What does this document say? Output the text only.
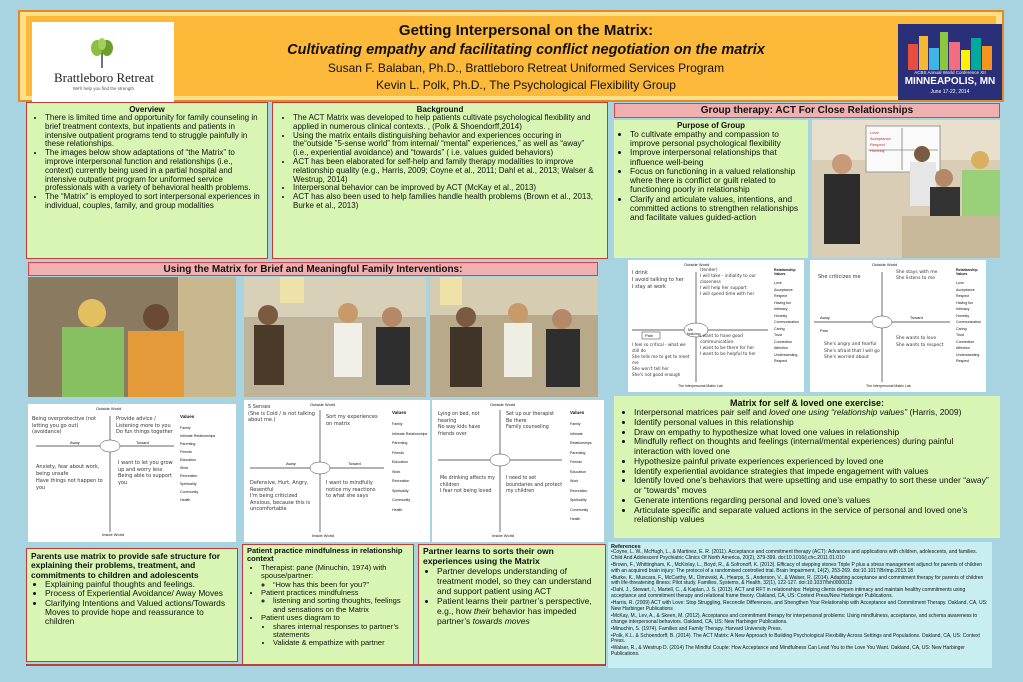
Brattleboro Retreat
We'll help you find the strength.
Getting Interpersonal on the Matrix:
Cultivating empathy and facilitating conflict negotiation on the matrix
Susan F. Balaban, Ph.D., Brattleboro Retreat Uniformed Services Program
Kevin L. Polk, Ph.D., The Psychological Flexibility Group
ACBS Annual World Conference XII
MINNEAPOLIS, MN
June 17-22, 2014
Overview
• There is limited time and opportunity for family counseling in brief treatment contexts, but inpatients and patients in intensive outpatient programs tend to struggle painfully in these relationships.
• The images below show adaptations of “the Matrix” to improve interpersonal function and relationships (i.e., context) currently being used in a partial hospital and intensive outpatient program for uniformed service professionals with a variety of behavioral health problems.
• The “Matrix” is employed to sort interpersonal experiences in individual, couples, family, and group modalities
Background
• The ACT Matrix was developed to help patients cultivate psychological flexibility and applied in numerous clinical contexts. , (Polk & Shoendorff,2014)
• Using the matrix entails distinguishing behavior and experiences occuring in the“outside ”5-sense world” from internal/ “mental” experiences,” as well as “away” (i.e., experiential avoidance) and “towards” ( i.e. values guided behaviors)
• ACT has been elaborated for self-help and family therapy modalities to improve relationship quality (e.g., Harris, 2009; Coyne et al., 2011; Dahl et al., 2013; Walser & Westrup, 2014)
• Interpersonal behavior can be improved by ACT (McKay et al., 2013)
• ACT has also been used to help families handle health problems (Brown et al., 2013, Burke et al., 2013)
Group therapy: ACT For Close Relationships
Purpose of Group
• To cultivate empathy and compassion to improve personal psychological flexibility
• Improve interpersonal relationships that influence well-being
• Focus on functioning in a valued relationship where there is conflict or guilt related to functioning poorly in relationship
• Clarify and articulate values, intentions, and committed actions to strengthen relationships and facilitate values guided-action
Love
Acceptance
Respect
Honesty
Using the Matrix for Brief and Meaningful Family Interventions:	Outside World
Me
Noticing
Pain
Relationship Values
Love
Acceptance
Respect
Having fun
Intimacy
Honesty
Communication
Caring
Trust
Connection
Affection
Understanding
Respect
I drink
I avoid talking to her
I stay at work
(tender)
I will take - initiality to our closeness
I will help her support
I will spend time with her
I feel so critical - what we still do
She tells me to get to meet me
She won't tell her
She's not good enough
I want to have good communication
I want to be there for her
I want to be helpful to her
The Interpersonal Matrix Lab
Outside World
Away	Toward
Pain
Relationship Values
Love
Acceptance
Respect
Having fun
Intimacy
Honesty
Communication
Caring
Trust
Connection
Affection
Understanding
Respect
She criticizes me
She stays with me
She listens to me
She's angry and fearful
She's afraid that I will go
She's worried about
She wants to love
She wants to respect
The Interpersonal Matrix Lab
Outside World
Inside World
Away	Toward
Values
Family
Intimate Relationships
Parenting
Friends
Education
Work
Recreation
Spirituality
Community
Health
Being overprotective (not letting you go out)
(avoidance)
Provide advice / Listening more to you
Do fun things together
Anxiety, fear about work, being unsafe
Have things not happen to you
I want to let you grow up and worry less
Being able to support you
Outside World
Inside World
Away	Toward
Values
Family
Intimate Relationships
Parenting
Friends
Education
Work
Recreation
Spirituality
Community
Health
5 Senses
(She is Cold / is not talking about me.)	Sort my experiences on matrix
Defensive, Hurt, Angry, Resentful
I'm being criticized
Anxious, because this is uncomfortable
I want to mindfully notice my reactions to what she says
Outside World
Inside World
Values
Family
Intimate Relationships
Parenting
Friends
Education
Work
Recreation
Spirituality
Community
Health
Lying on bed, not hearing
No way kids have friends over
Set up our therapist
Be there
Family counseling
Me drinking affects my children
I fear not being loved
I need to set boundaries and protect my children
Matrix for self & loved one exercise:
• Interpersonal matrices pair self and loved one using “relationship values” (Harris, 2009)
• Identify personal values in this relationship
• Draw on empathy to hypothesize what loved one values in relationship
• Mindfully reflect on thoughts and feelings (internal/mental experiences) during painful interaction with loved one
• Hypothesize painful private experiences experienced by loved one
• Identify experiential avoidance strategies that impede engagement with values
• Identify loved one’s behaviors that were upsetting and use empathy to sort these under “away” or “towards” moves
• Generate intentions regarding personal and loved one’s values
• Articulate specific and separate valued actions in the service of personal and loved one’s relationship values
Parents use matrix to provide safe structure for explaining their problems, treatment, and commitments to children and adolescents
• Explaining painful thoughts and feelings.
• Process of Experiential Avoidance/ Away Moves
• Clarifying Intentions and Valued actions/Towards Moves to provide hope and reassurance to children
Patient practice mindfulness in relationship context
• Therapist: pane (Minuchin, 1974) with spouse/partner:
◦ “How has this been for you?”
• Patient practices mindfulness
◦ listening and sorting thoughts, feelings and sensations on the Matrix
• Patient uses diagram to
• shares internal responses to partner’s statements
• Validate & empathize with partner
Partner learns to sorts their own experiences using the Matrix
• Partner develops understanding of treatment model, so they can understand and support patient using ACT
• Patient learns their partner’s perspective, e.g., how their behavior has impeded partner’s towards moves
References
•Coyne, L. W., McHugh, L., & Martinez, E. R. (2011). Acceptance and commitment therapy (ACT): Advances and applications with children, adolescents, and families. Child And Adolescent Psychiatric Clinics Of North America, 20(2), 379-399. doi:10.1016/j.chc.2011.01.010
•Brown, F., Whittingham, K., McKinlay, L., Boyd, R., & Sofronoff, K. (2013). Efficacy of stepping stones Triple P plus a stress management adjunct for parents of children with an acquired brain injury: The protocol of a randomised controlled trial. Brain Impairment, 14(2), 253-269. doi:10.1017/BrImp.2013.18
•Burke, K., Muscara, F., McCarthy, M., Dimovski, A., Hearps, S., Anderson, V., & Walser, R. (2014). Adapting acceptance and commitment therapy for parents of children with life-threatening illness: Pilot study. Families, Systems, & Health, 32(1), 122-127. doi:10.1037/fsh0000012
•Dahl, J., Stewart, I., Martell, C., & Kaplan, J. S. (2013). ACT and RFT in relationships: Helping clients deepen intimacy and maintain healthy commitments using acceptance and commitment therapy and relational frame theory. Oakland, CA, US: Context Press/New Harbinger Publications.
•Harris, R. (2009) ACT with Love: Stop Struggling, Reconcile Differences, and Strengthen Your Relationship with Acceptance and Commitment Therapy. Oakland, CA, US: New Harbinger Publications
•McKay, M., Lev, A., & Skeen, M. (2012). Acceptance and commitment therapy for interpersonal problems: Using mindfulness, acceptance, and schema awareness to change interpersonal behaviors. Oakland, CA, US: New Harbinger Publications.
•Minuchin, S. (1974). Families and Family Therapy. Harvard University Press.
•Polk, K.L. & Schoendorff, B. (2014). The ACT Matrix: A New Approach to Building Psychological Flexibility Across Settings and Populations. Oakland, CA, US: Context Press.
•Walser, R., & Westrup D. (2014) The Mindful Couple: How Acceptance and Mindfulness Can Lead You to the Love You Want. Oakland, CA, US: New Harbinger Publications.
